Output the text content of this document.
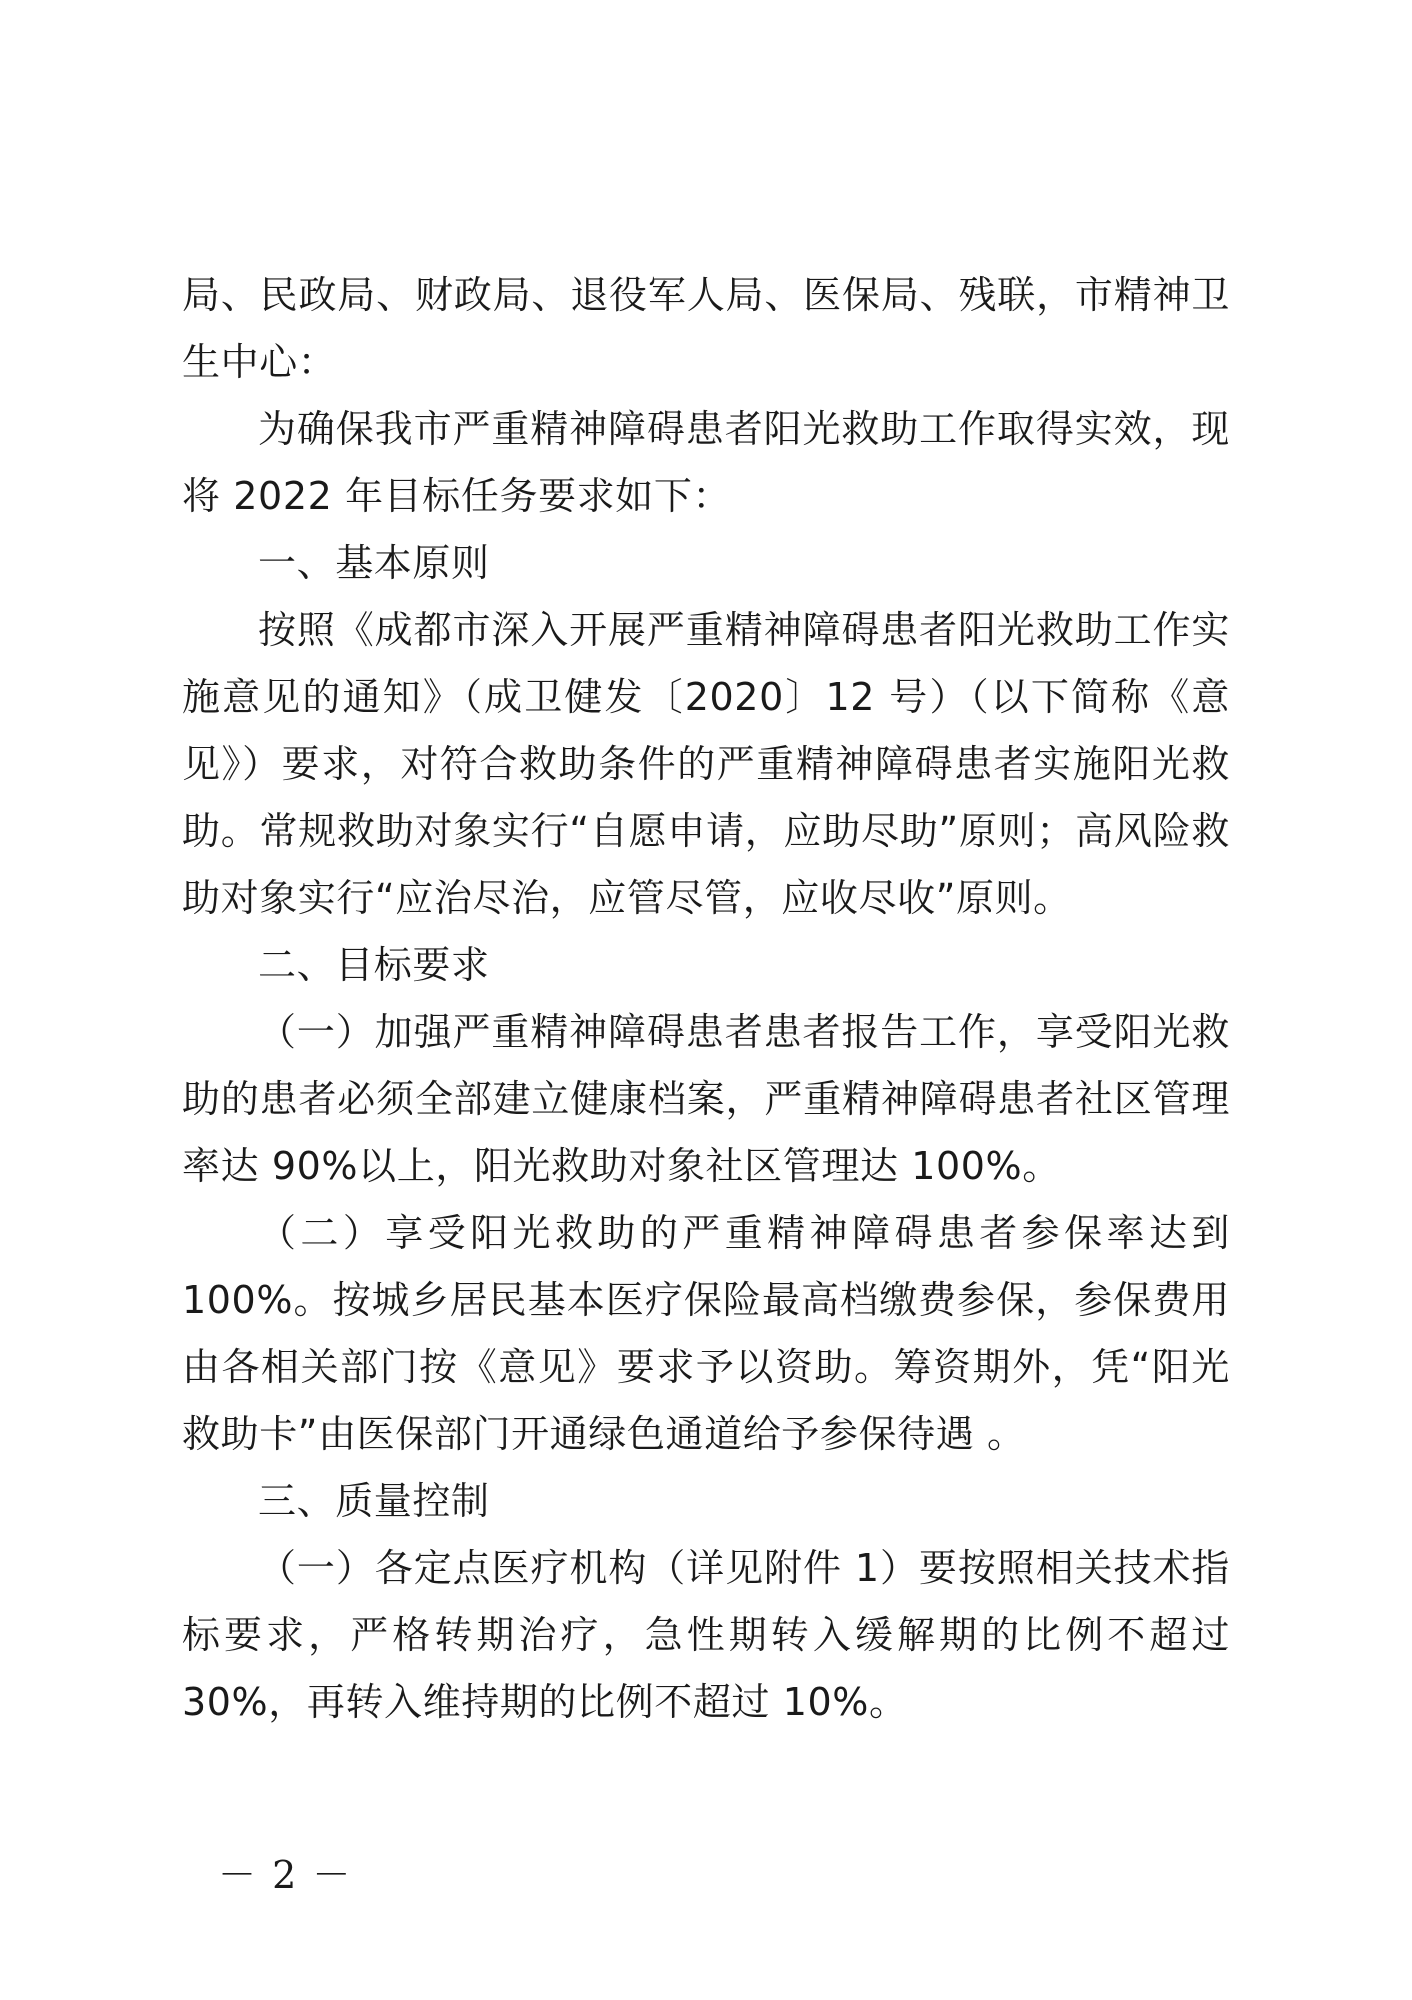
局、民政局、财政局、退役军人局、医保局、残联，市精神卫生中心：

为确保我市严重精神障碍患者阳光救助工作取得实效，现将 2022 年目标任务要求如下：

一、基本原则

按照《成都市深入开展严重精神障碍患者阳光救助工作实施意见的通知》（成卫健发〔2020〕12 号）（以下简称《意见》）要求，对符合救助条件的严重精神障碍患者实施阳光救助。常规救助对象实行“自愿申请，应助尽助”原则；高风险救助对象实行“应治尽治，应管尽管，应收尽收”原则。

二、目标要求

（一）加强严重精神障碍患者患者报告工作，享受阳光救助的患者必须全部建立健康档案，严重精神障碍患者社区管理率达 90%以上，阳光救助对象社区管理达 100%。

（二）享受阳光救助的严重精神障碍患者参保率达到 100%。按城乡居民基本医疗保险最高档缴费参保，参保费用由各相关部门按《意见》要求予以资助。筹资期外，凭“阳光救助卡”由医保部门开通绿色通道给予参保待遇 。

三、质量控制

（一）各定点医疗机构（详见附件 1）要按照相关技术指标要求，严格转期治疗，急性期转入缓解期的比例不超过 30%，再转入维持期的比例不超过 10%。

－ 2 －
